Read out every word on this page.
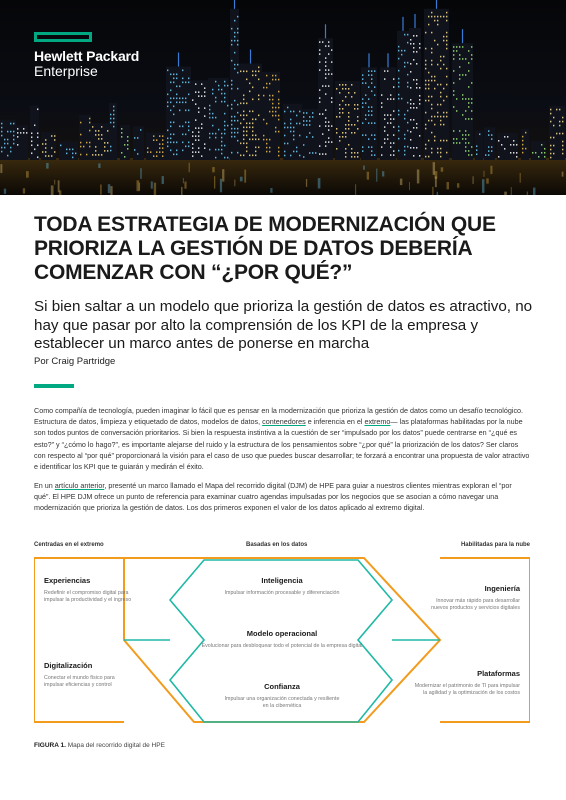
Hewlett Packard
Enterprise
TODA ESTRATEGIA DE MODERNIZACIÓN QUE PRIORIZA LA GESTIÓN DE DATOS DEBERÍA COMENZAR CON “¿POR QUÉ?”
Si bien saltar a un modelo que prioriza la gestión de datos es atractivo, no hay que pasar por alto la comprensión de los KPI de la empresa y establecer un marco antes de ponerse en marcha
Por Craig Partridge
Como compañía de tecnología, pueden imaginar lo fácil que es pensar en la modernización que prioriza la gestión de datos como un desafío tecnológico. Estructura de datos, limpieza y etiquetado de datos, modelos de datos, contenedores e inferencia en el extremo— las plataformas habilitadas por la nube son todos puntos de conversación prioritarios. Si bien la respuesta instintiva a la cuestión de ser “impulsado por los datos” puede centrarse en “¿qué es esto?” y “¿cómo lo hago?”, es importante alejarse del ruido y la estructura de los pensamientos sobre “¿por qué” la priorización de los datos? Ser claros con respecto al “por qué” proporcionará la visión para el caso de uso que puedes buscar desarrollar; te forzará a encontrar una propuesta de valor atractivo e identificar los KPI que te guiarán y medirán el éxito.
En un artículo anterior, presenté un marco llamado el Mapa del recorrido digital (DJM) de HPE para guiar a nuestros clientes mientras exploran el “por qué”. El HPE DJM ofrece un punto de referencia para examinar cuatro agendas impulsadas por los negocios que se asocian a cómo navegar una modernización que prioriza la gestión de datos. Los dos primeros exponen el valor de los datos aplicado al extremo digital.
Centradas en el extremo	Basadas en los datos	Habilitadas para la nube
Experiencias
Redefinir el compromiso digital para
impulsar la productividad y el ingreso
Digitalización
Conectar el mundo físico para
impulsar eficiencias y control
Inteligencia
Impulsar información procesable y diferenciación
Modelo operacional
Evolucionar para desbloquear todo el potencial de la empresa digital
Confianza
Impulsar una organización conectada y resiliente
en la cibernética
Ingeniería
Innovar más rápido para desarrollar
nuevos productos y servicios digitales
Plataformas
Modernizar el patrimonio de TI para impulsar
la agilidad y la optimización de los costos
FIGURA 1. Mapa del recorrido digital de HPE
